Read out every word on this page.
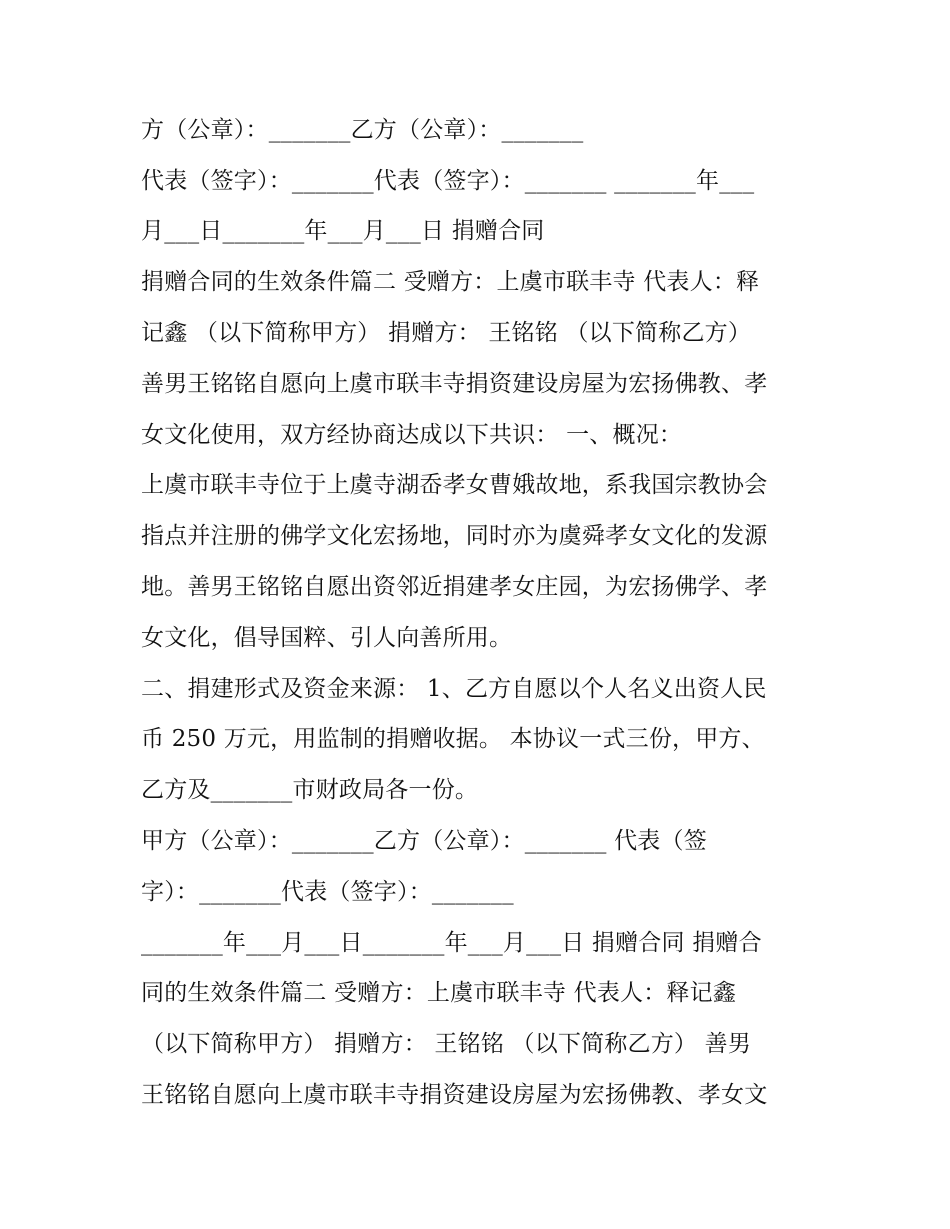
方（公章）：_______乙方（公章）：_______
代表（签字）：_______代表（签字）：_______ _______年___
月___日_______年___月___日 捐赠合同
捐赠合同的生效条件篇二 受赠方：上虞市联丰寺 代表人：释
记鑫 （以下简称甲方） 捐赠方： 王铭铭 （以下简称乙方）
善男王铭铭自愿向上虞市联丰寺捐资建设房屋为宏扬佛教、孝
女文化使用，双方经协商达成以下共识： 一、概况：
上虞市联丰寺位于上虞寺湖岙孝女曹娥故地，系我国宗教协会
指点并注册的佛学文化宏扬地，同时亦为虞舜孝女文化的发源
地。善男王铭铭自愿出资邻近捐建孝女庄园，为宏扬佛学、孝
女文化，倡导国粹、引人向善所用。
二、捐建形式及资金来源： 1、乙方自愿以个人名义出资人民
币 250 万元，用监制的捐赠收据。 本协议一式三份，甲方、
乙方及_______市财政局各一份。
甲方（公章）：_______乙方（公章）：_______ 代表（签
字）：_______代表（签字）：_______
_______年___月___日_______年___月___日 捐赠合同 捐赠合
同的生效条件篇二 受赠方：上虞市联丰寺 代表人：释记鑫
（以下简称甲方） 捐赠方： 王铭铭 （以下简称乙方） 善男
王铭铭自愿向上虞市联丰寺捐资建设房屋为宏扬佛教、孝女文
